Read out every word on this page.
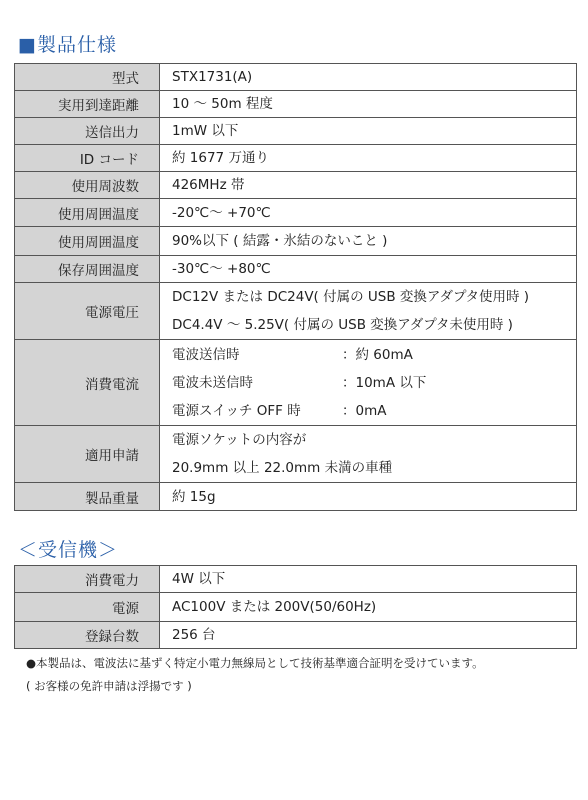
■製品仕様
型式	STX1731(A)

実用到達距離	10 〜 50m 程度

送信出力	1mW 以下

ID コード	約 1677 万通り

使用周波数	426MHz 帯

使用周囲温度	-20℃〜 +70℃

使用周囲温度	90%以下 ( 結露・氷結のないこと )

保存周囲温度	-30℃〜 +80℃

電源電圧	DC12V または DC24V( 付属の USB 変換アダプタ使用時 )
DC4.4V 〜 5.25V( 付属の USB 変換アダプタ未使用時 )

消費電流	電波送信時 ：約 60mA
電波未送信時 ：10mA 以下
電源スイッチ OFF 時 ：0mA

適用申請	電源ソケットの内容が
20.9mm 以上 22.0mm 未満の車種

製品重量	約 15g
＜受信機＞
消費電力	4W 以下

電源	AC100V または 200V(50/60Hz)

登録台数	256 台
●本製品は、電波法に基ずく特定小電力無線局として技術基準適合証明を受けています。
( お客様の免許申請は浮揚です )
